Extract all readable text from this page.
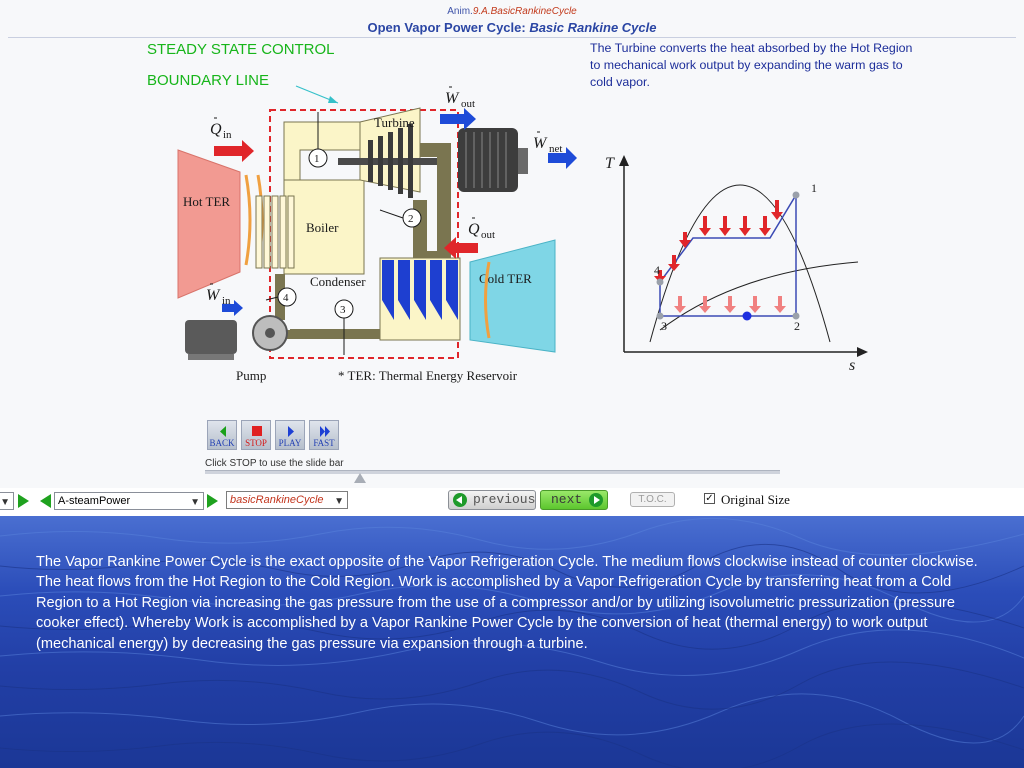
Anim.9.A.BasicRankineCycle
Open Vapor Power Cycle: Basic Rankine Cycle
STEADY STATE CONTROL
BOUNDARY LINE
The Turbine converts the heat absorbed by the Hot Region to mechanical work output by expanding the warm gas to cold vapor.
Hot TER
Cold TER
Boiler
Turbine
Condenser
Pump	* TER: Thermal Energy Reservoir
Q in
W out
W net
Q out
W in
1
2
3
4
T
s
1
2
3
4
BACK	STOP	PLAY	FAST
Click STOP to use the slide bar
▼	A-steamPower	▼	basicRankineCycle ▼	previous next	T.O.C.	✓ Original Size
The Vapor Rankine Power Cycle is the exact opposite of the Vapor Refrigeration Cycle. The medium flows clockwise instead of counter clockwise. The heat flows from the Hot Region to the Cold Region. Work is accomplished by a Vapor Refrigeration Cycle by transferring heat from a Cold Region to a Hot Region via increasing the gas pressure from the use of a compressor and/or by utilizing isovolumetric pressurization (pressure cooker effect). Whereby Work is accomplished by a Vapor Rankine Power Cycle by the conversion of heat (thermal energy) to work output (mechanical energy) by decreasing the gas pressure via expansion through a turbine.
